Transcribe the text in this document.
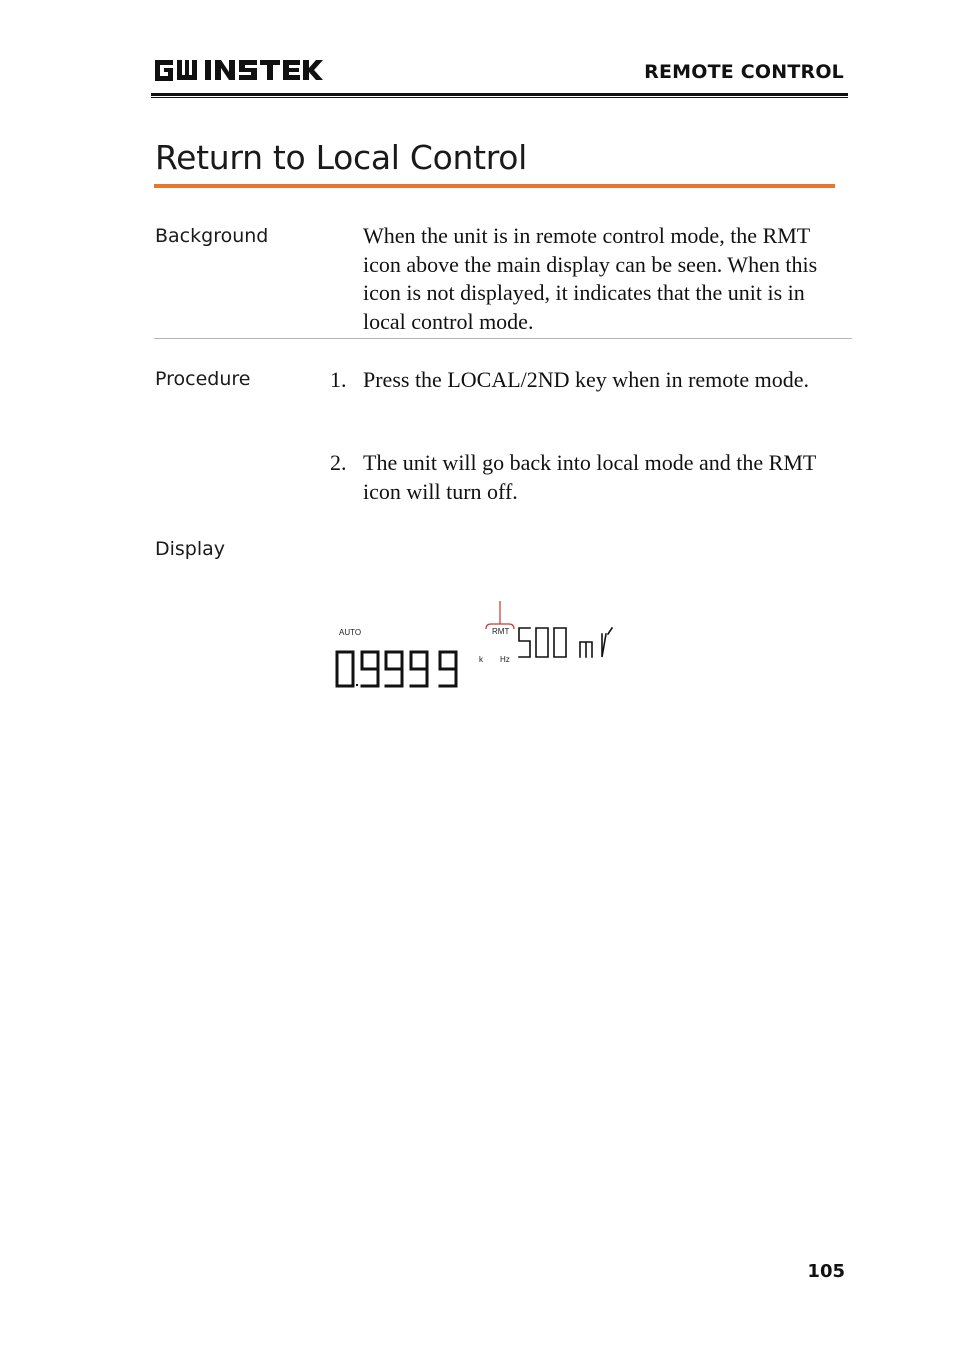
REMOTE CONTROL
Return to Local Control
Background	When the unit is in remote control mode, the RMT icon above the main display can be seen. When this icon is not displayed, it indicates that the unit is in local control mode.
Procedure	1. Press the LOCAL/2ND key when in remote mode.
2. The unit will go back into local mode and the RMT icon will turn off.
Display
AUTO	RMT
k Hz
105
